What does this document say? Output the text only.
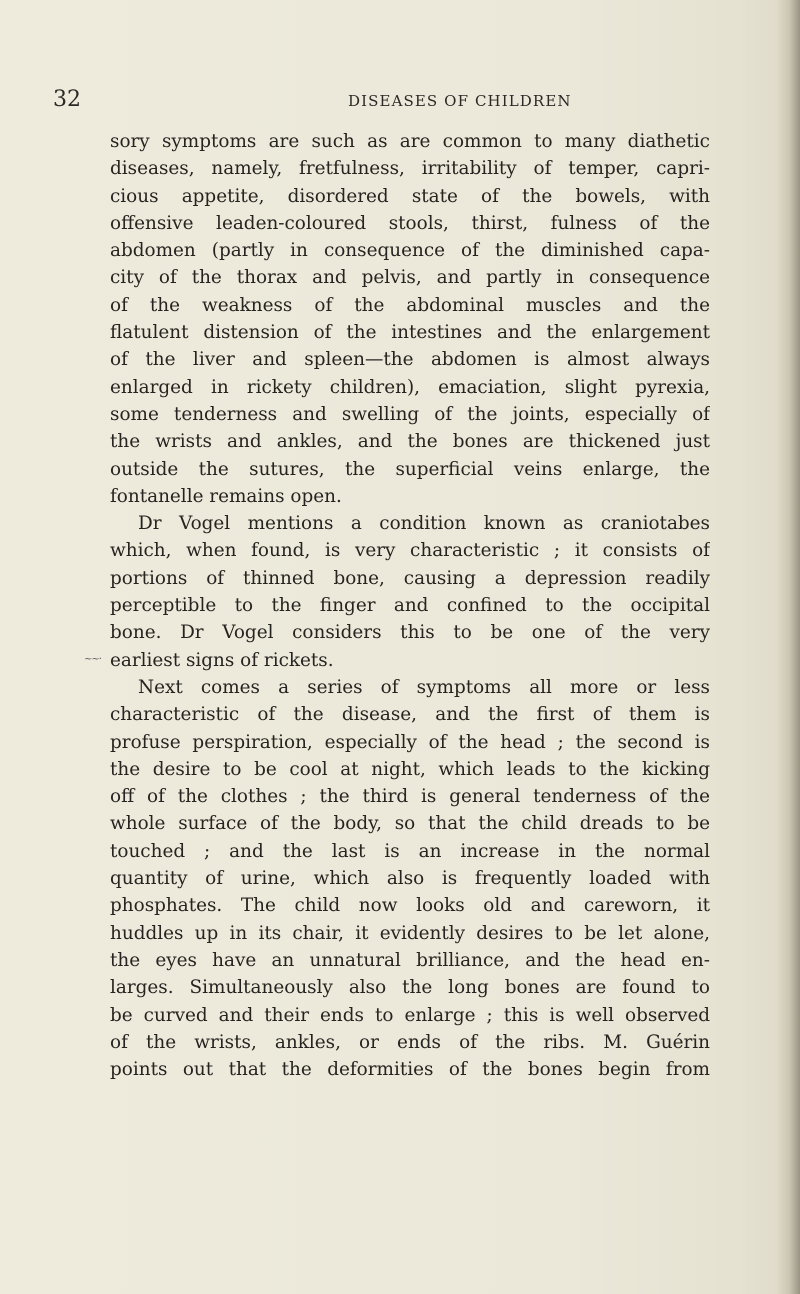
~~·
32	DISEASES OF CHILDREN
sory symptoms are such as are common to many diathetic
diseases, namely, fretfulness, irritability of temper, capri-
cious appetite, disordered state of the bowels, with
offensive leaden-coloured stools, thirst, fulness of the
abdomen (partly in consequence of the diminished capa-
city of the thorax and pelvis, and partly in consequence
of the weakness of the abdominal muscles and the
flatulent distension of the intestines and the enlargement
of the liver and spleen—the abdomen is almost always
enlarged in rickety children), emaciation, slight pyrexia,
some tenderness and swelling of the joints, especially of
the wrists and ankles, and the bones are thickened just
outside the sutures, the superficial veins enlarge, the
fontanelle remains open.
Dr Vogel mentions a condition known as craniotabes
which, when found, is very characteristic ; it consists of
portions of thinned bone, causing a depression readily
perceptible to the finger and confined to the occipital
bone. Dr Vogel considers this to be one of the very
earliest signs of rickets.
Next comes a series of symptoms all more or less
characteristic of the disease, and the first of them is
profuse perspiration, especially of the head ; the second is
the desire to be cool at night, which leads to the kicking
off of the clothes ; the third is general tenderness of the
whole surface of the body, so that the child dreads to be
touched ; and the last is an increase in the normal
quantity of urine, which also is frequently loaded with
phosphates. The child now looks old and careworn, it
huddles up in its chair, it evidently desires to be let alone,
the eyes have an unnatural brilliance, and the head en-
larges. Simultaneously also the long bones are found to
be curved and their ends to enlarge ; this is well observed
of the wrists, ankles, or ends of the ribs. M. Guérin
points out that the deformities of the bones begin from
